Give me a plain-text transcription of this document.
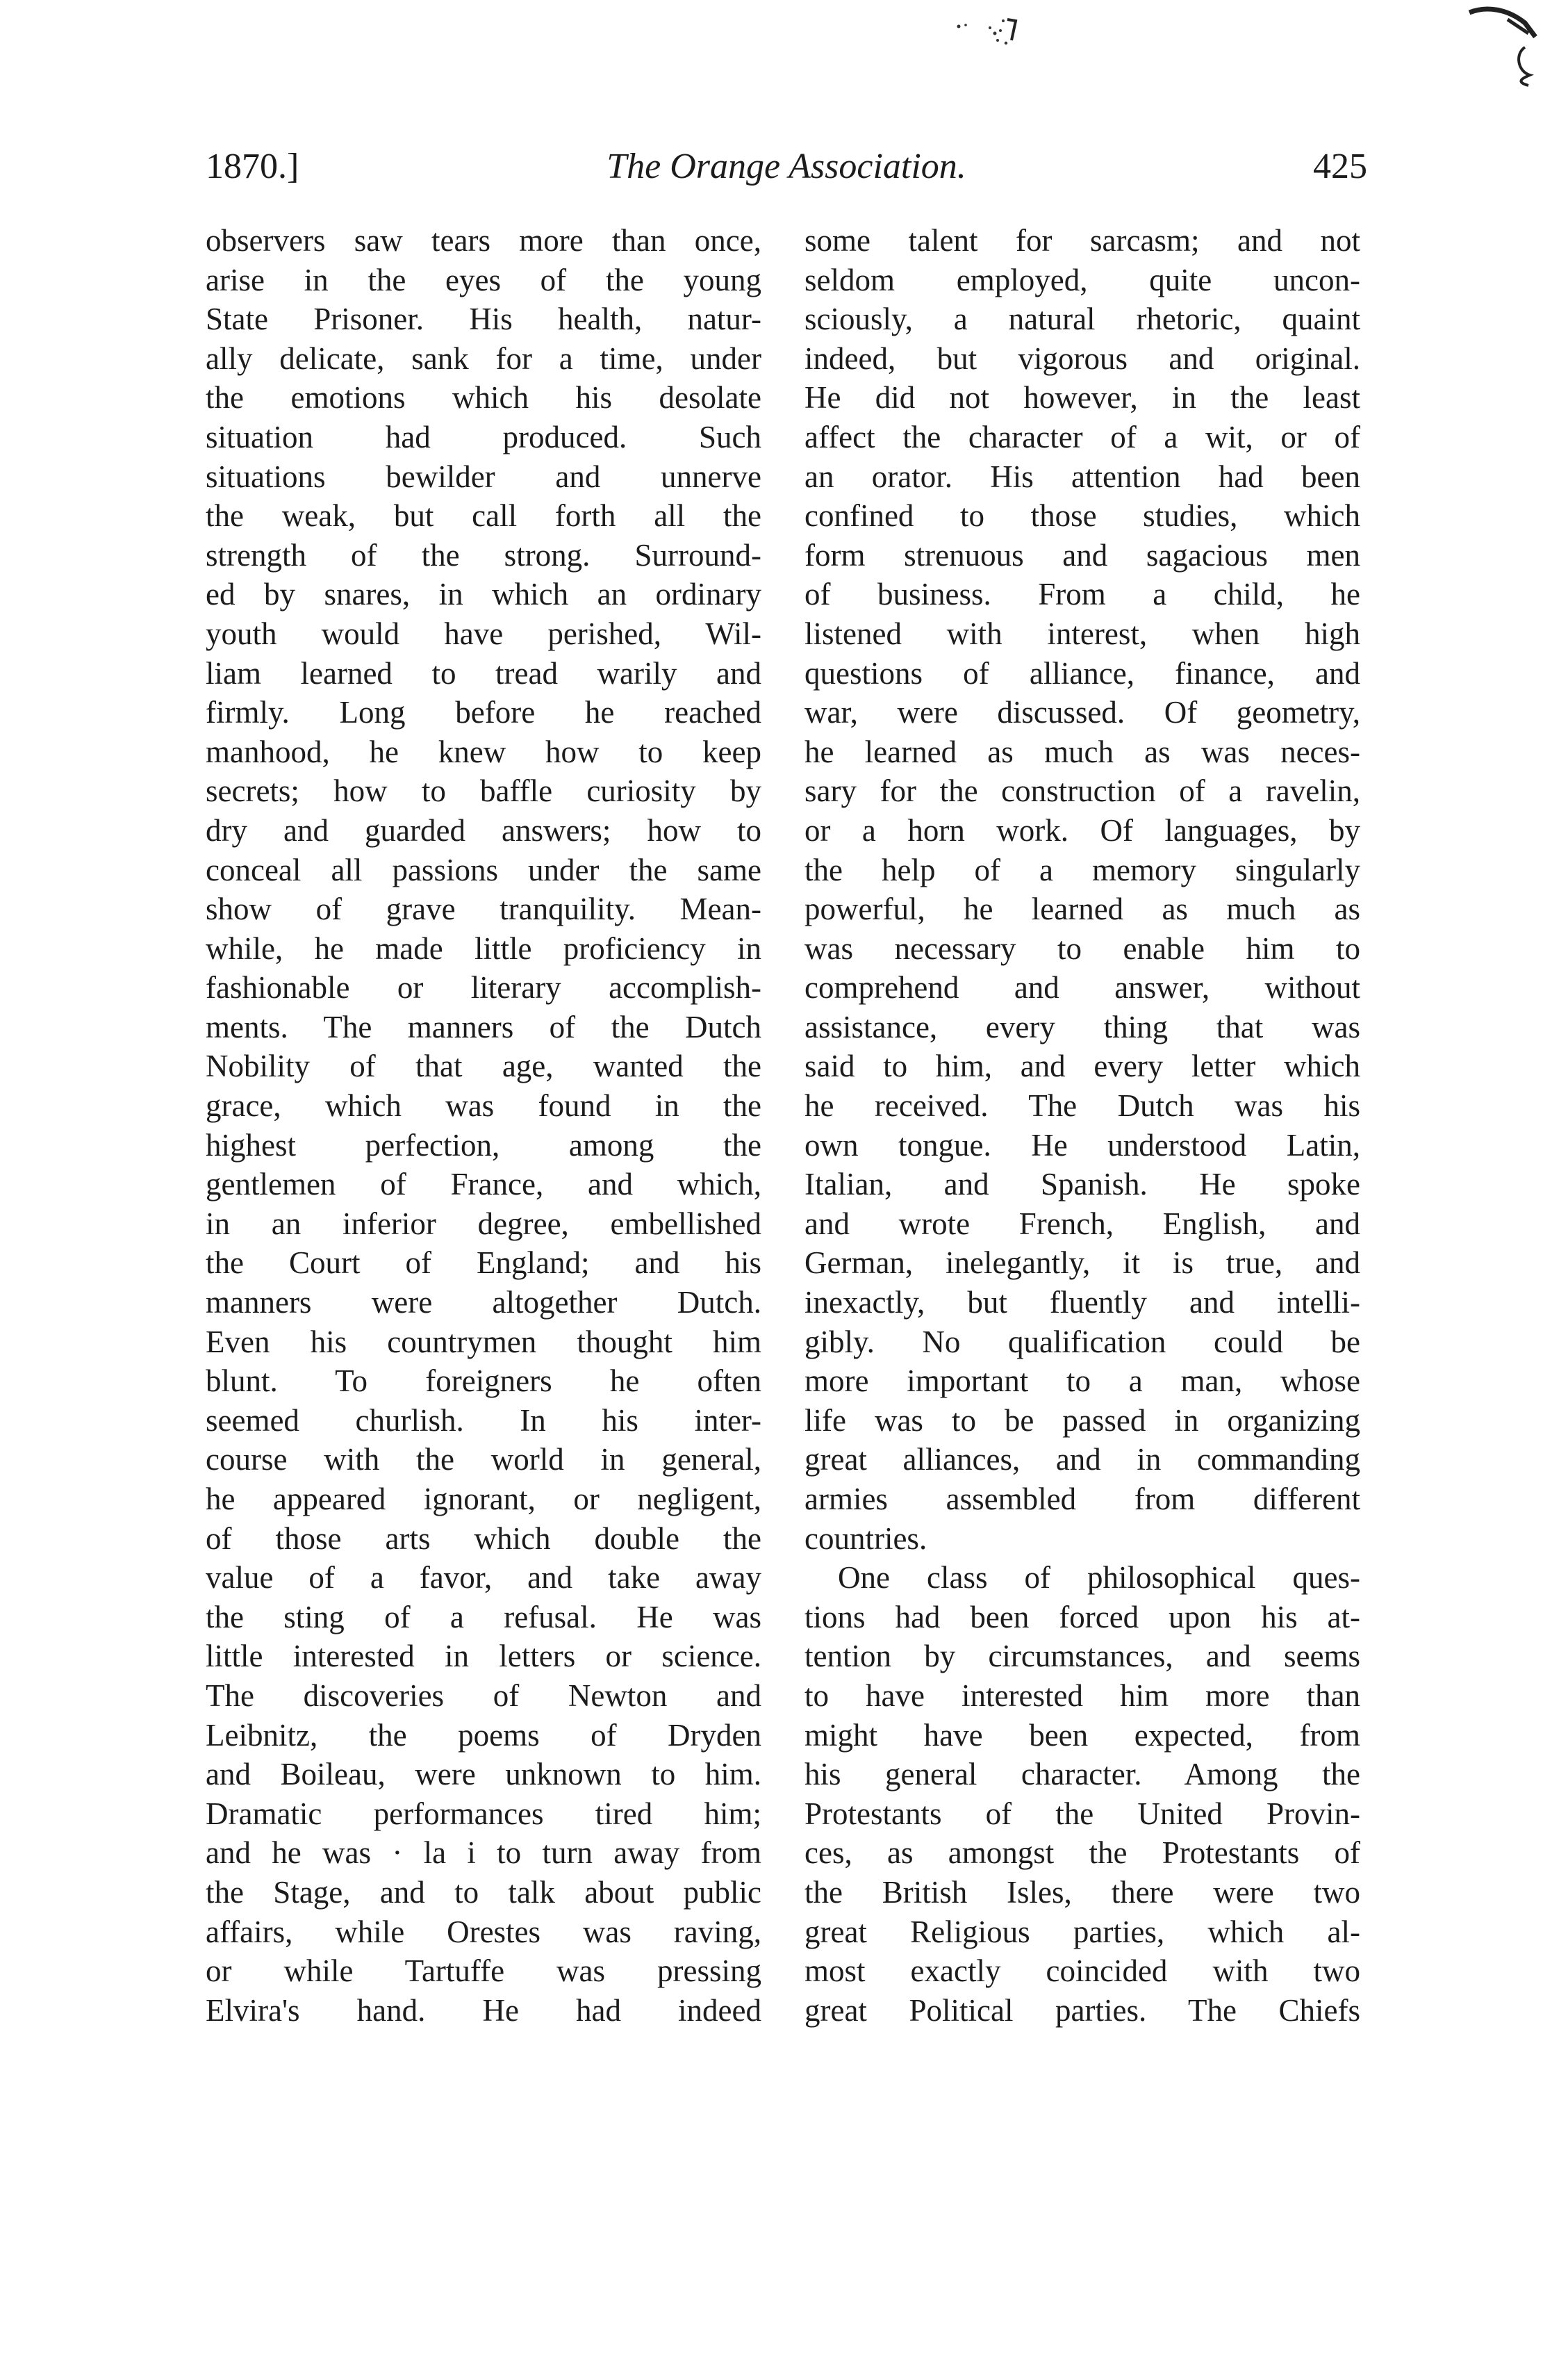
1870.]	The Orange Association.	425
observers saw tears more than once,
arise in the eyes of the young
State Prisoner. His health, natur-
ally delicate, sank for a time, under
the emotions which his desolate
situation had produced. Such
situations bewilder and unnerve
the weak, but call forth all the
strength of the strong. Surround-
ed by snares, in which an ordinary
youth would have perished, Wil-
liam learned to tread warily and
firmly. Long before he reached
manhood, he knew how to keep
secrets; how to baffle curiosity by
dry and guarded answers; how to
conceal all passions under the same
show of grave tranquility. Mean-
while, he made little proficiency in
fashionable or literary accomplish-
ments. The manners of the Dutch
Nobility of that age, wanted the
grace, which was found in the
highest perfection, among the
gentlemen of France, and which,
in an inferior degree, embellished
the Court of England; and his
manners were altogether Dutch.
Even his countrymen thought him
blunt. To foreigners he often
seemed churlish. In his inter-
course with the world in general,
he appeared ignorant, or negligent,
of those arts which double the
value of a favor, and take away
the sting of a refusal. He was
little interested in letters or science.
The discoveries of Newton and
Leibnitz, the poems of Dryden
and Boileau, were unknown to him.
Dramatic performances tired him;
and he was · la i to turn away from
the Stage, and to talk about public
affairs, while Orestes was raving,
or while Tartuffe was pressing
Elvira's hand. He had indeed
some talent for sarcasm; and not
seldom employed, quite uncon-
sciously, a natural rhetoric, quaint
indeed, but vigorous and original.
He did not however, in the least
affect the character of a wit, or of
an orator. His attention had been
confined to those studies, which
form strenuous and sagacious men
of business. From a child, he
listened with interest, when high
questions of alliance, finance, and
war, were discussed. Of geometry,
he learned as much as was neces-
sary for the construction of a ravelin,
or a horn work. Of languages, by
the help of a memory singularly
powerful, he learned as much as
was necessary to enable him to
comprehend and answer, without
assistance, every thing that was
said to him, and every letter which
he received. The Dutch was his
own tongue. He understood Latin,
Italian, and Spanish. He spoke
and wrote French, English, and
German, inelegantly, it is true, and
inexactly, but fluently and intelli-
gibly. No qualification could be
more important to a man, whose
life was to be passed in organizing
great alliances, and in commanding
armies assembled from different
countries.
One class of philosophical ques-
tions had been forced upon his at-
tention by circumstances, and seems
to have interested him more than
might have been expected, from
his general character. Among the
Protestants of the United Provin-
ces, as amongst the Protestants of
the British Isles, there were two
great Religious parties, which al-
most exactly coincided with two
great Political parties. The Chiefs
